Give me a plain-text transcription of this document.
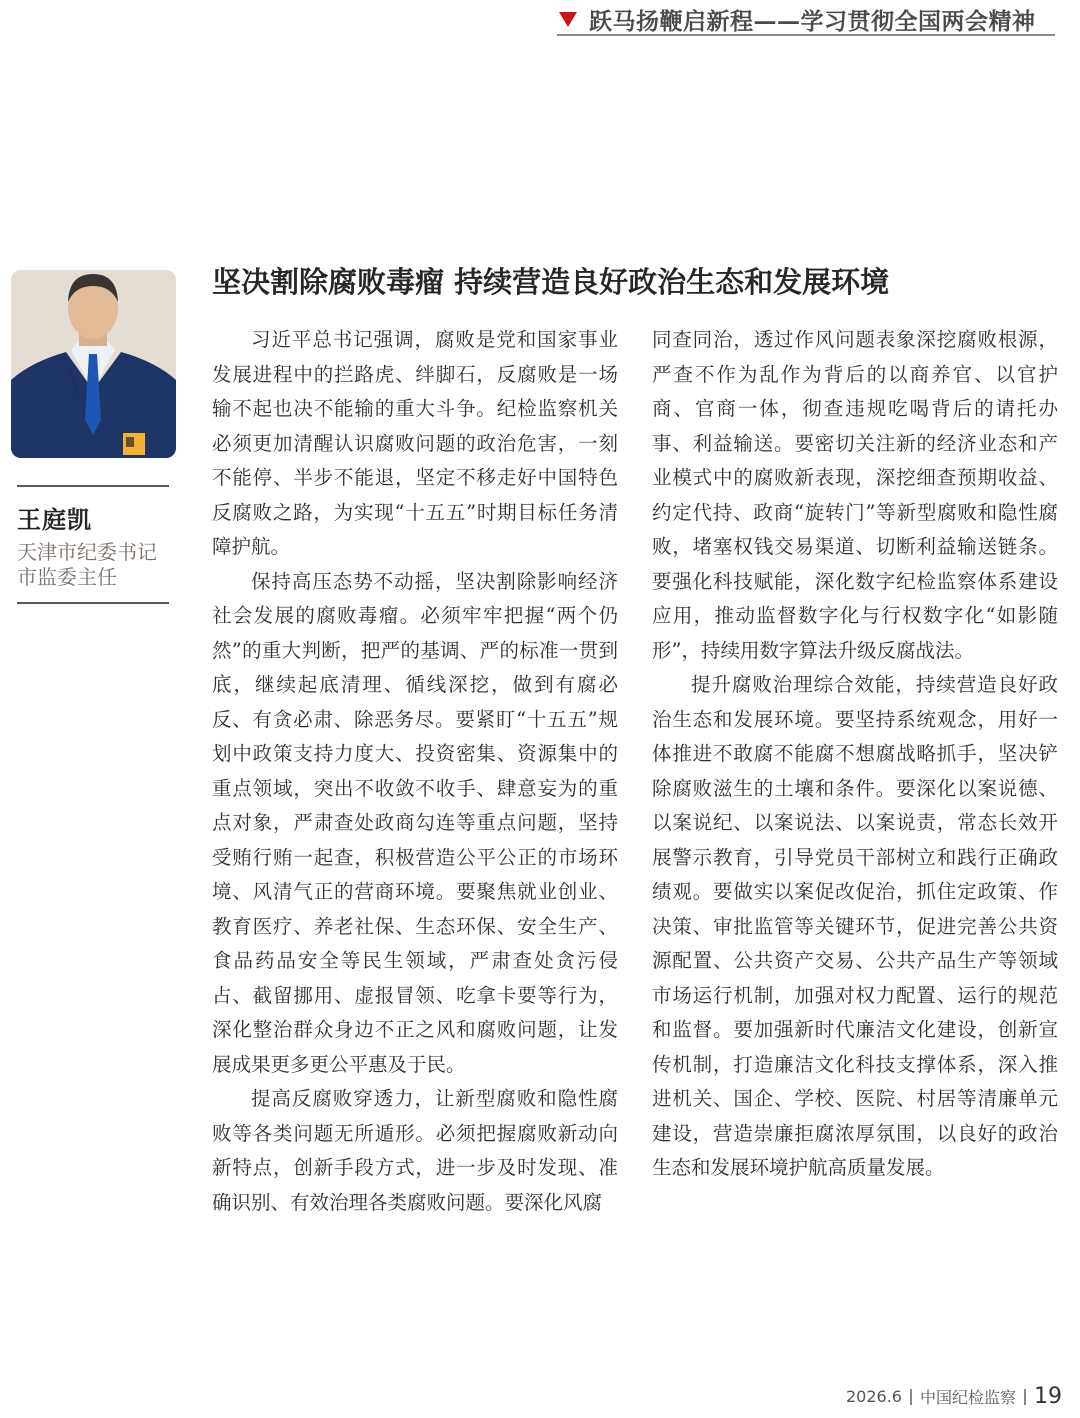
跃马扬鞭启新程——学习贯彻全国两会精神
王庭凯
天津市纪委书记
市监委主任
坚决割除腐败毒瘤 持续营造良好政治生态和发展环境

习近平总书记强调，腐败是党和国家事业发展进程中的拦路虎、绊脚石，反腐败是一场输不起也决不能输的重大斗争。纪检监察机关必须更加清醒认识腐败问题的政治危害，一刻不能停、半步不能退，坚定不移走好中国特色反腐败之路，为实现“十五五”时期目标任务清障护航。

保持高压态势不动摇，坚决割除影响经济社会发展的腐败毒瘤。必须牢牢把握“两个仍然”的重大判断，把严的基调、严的标准一贯到底，继续起底清理、循线深挖，做到有腐必反、有贪必肃、除恶务尽。要紧盯“十五五”规划中政策支持力度大、投资密集、资源集中的重点领域，突出不收敛不收手、肆意妄为的重点对象，严肃查处政商勾连等重点问题，坚持受贿行贿一起查，积极营造公平公正的市场环境、风清气正的营商环境。要聚焦就业创业、教育医疗、养老社保、生态环保、安全生产、食品药品安全等民生领域，严肃查处贪污侵占、截留挪用、虚报冒领、吃拿卡要等行为，深化整治群众身边不正之风和腐败问题，让发展成果更多更公平惠及于民。

提高反腐败穿透力，让新型腐败和隐性腐败等各类问题无所遁形。必须把握腐败新动向新特点，创新手段方式，进一步及时发现、准确识别、有效治理各类腐败问题。要深化风腐

同查同治，透过作风问题表象深挖腐败根源，严查不作为乱作为背后的以商养官、以官护商、官商一体，彻查违规吃喝背后的请托办事、利益输送。要密切关注新的经济业态和产业模式中的腐败新表现，深挖细查预期收益、约定代持、政商“旋转门”等新型腐败和隐性腐败，堵塞权钱交易渠道、切断利益输送链条。要强化科技赋能，深化数字纪检监察体系建设应用，推动监督数字化与行权数字化“如影随形”，持续用数字算法升级反腐战法。

提升腐败治理综合效能，持续营造良好政治生态和发展环境。要坚持系统观念，用好一体推进不敢腐不能腐不想腐战略抓手，坚决铲除腐败滋生的土壤和条件。要深化以案说德、以案说纪、以案说法、以案说责，常态长效开展警示教育，引导党员干部树立和践行正确政绩观。要做实以案促改促治，抓住定政策、作决策、审批监管等关键环节，促进完善公共资源配置、公共资产交易、公共产品生产等领域市场运行机制，加强对权力配置、运行的规范和监督。要加强新时代廉洁文化建设，创新宣传机制，打造廉洁文化科技支撑体系，深入推进机关、国企、学校、医院、村居等清廉单元建设，营造崇廉拒腐浓厚氛围，以良好的政治生态和发展环境护航高质量发展。

2026.6 中国纪检监察 19
